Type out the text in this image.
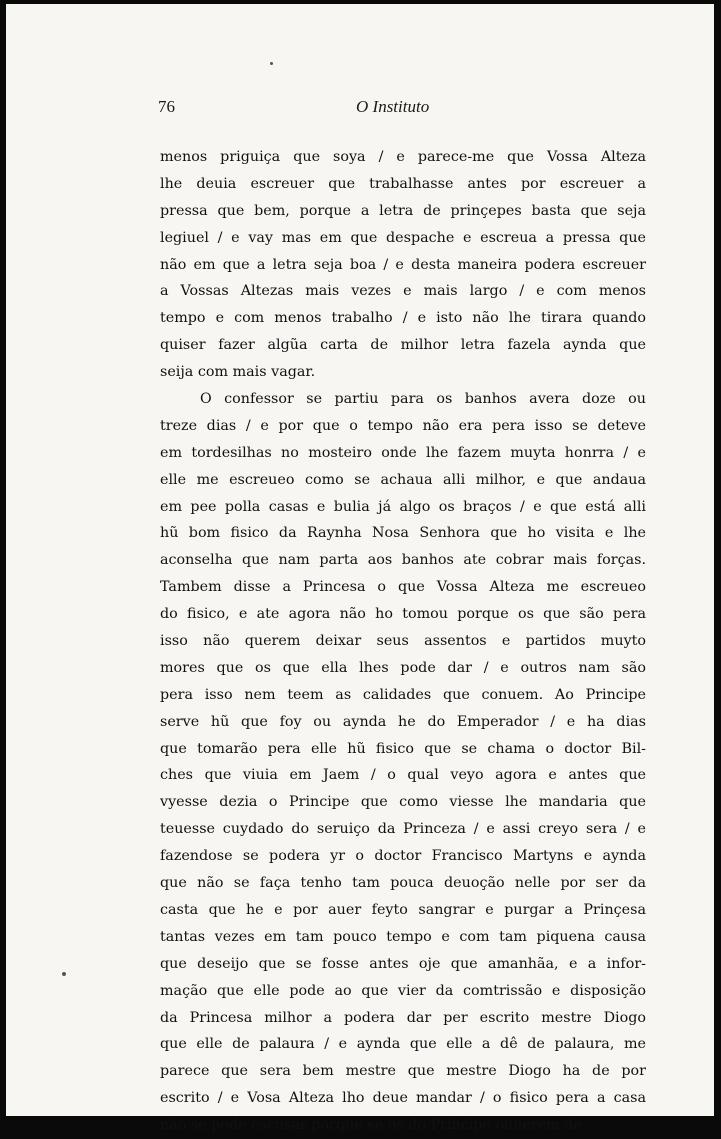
76	O Instituto
menos priguiça que soya / e parece-me que Vossa Alteza
lhe deuia escreuer que trabalhasse antes por escreuer a
pressa que bem, porque a letra de prinçepes basta que seja
legiuel / e vay mas em que despache e escreua a pressa que
não em que a letra seja boa / e desta maneira podera escreuer
a Vossas Altezas mais vezes e mais largo / e com menos
tempo e com menos trabalho / e isto não lhe tirara quando
quiser fazer algũa carta de milhor letra fazela aynda que
seija com mais vagar.
O confessor se partiu para os banhos avera doze ou
treze dias / e por que o tempo não era pera isso se deteve
em tordesilhas no mosteiro onde lhe fazem muyta honrra / e
elle me escreueo como se achaua alli milhor, e que andaua
em pee polla casas e bulia já algo os braços / e que está alli
hũ bom fisico da Raynha Nosa Senhora que ho visita e lhe
aconselha que nam parta aos banhos ate cobrar mais forças.
Tambem disse a Princesa o que Vossa Alteza me escreueo
do fisico, e ate agora não ho tomou porque os que são pera
isso não querem deixar seus assentos e partidos muyto
mores que os que ella lhes pode dar / e outros nam são
pera isso nem teem as calidades que conuem. Ao Principe
serve hũ que foy ou aynda he do Emperador / e ha dias
que tomarão pera elle hũ fisico que se chama o doctor Bil-
ches que viuia em Jaem / o qual veyo agora e antes que
vyesse dezia o Principe que como viesse lhe mandaria que
teuesse cuydado do seruiço da Princeza / e assi creyo sera / e
fazendose se podera yr o doctor Francisco Martyns e aynda
que não se faça tenho tam pouca deuoção nelle por ser da
casta que he e por auer feyto sangrar e purgar a Prinçesa
tantas vezes em tam pouco tempo e com tam piquena causa
que deseijo que se fosse antes oje que amanhãa, e a infor-
mação que elle pode ao que vier da comtrissão e disposição
da Princesa milhor a podera dar per escrito mestre Diogo
que elle de palaura / e aynda que elle a dê de palaura, me
parece que sera bem mestre que mestre Diogo ha de por
escrito / e Vosa Alteza lho deue mandar / o fisico pera a casa
não se pode escusar porque se os do Principe ouuerem de
